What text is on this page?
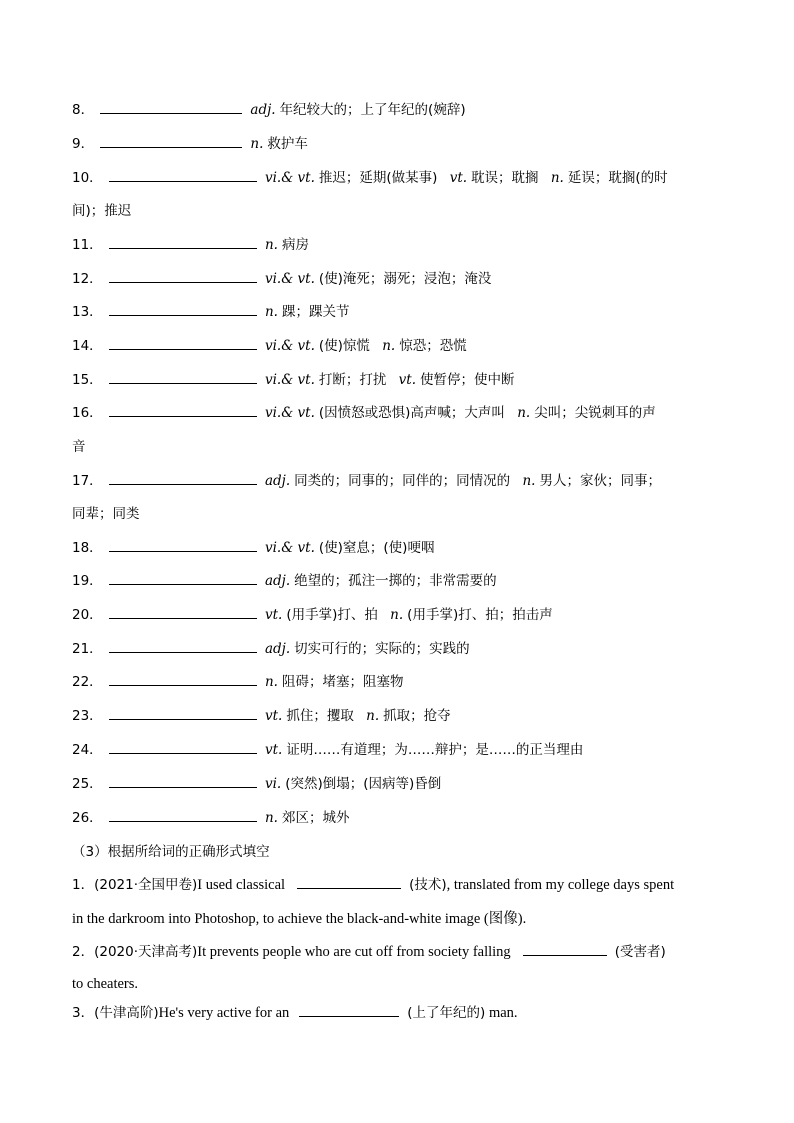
8．	adj. 年纪较大的；上了年纪的(婉辞)
9．	n. 救护车
10．	vi.& vt. 推迟；延期(做某事) vt. 耽误；耽搁 n. 延误；耽搁(的时
间)；推迟
11．	n. 病房
12．	vi.& vt. (使)淹死；溺死；浸泡；淹没
13．	n. 踝；踝关节
14．	vi.& vt. (使)惊慌 n. 惊恐；恐慌
15．	vi.& vt. 打断；打扰 vt. 使暂停；使中断
16．	vi.& vt. (因愤怒或恐惧)高声喊；大声叫 n. 尖叫；尖锐刺耳的声
音
17．	adj. 同类的；同事的；同伴的；同情况的 n. 男人；家伙；同事；
同辈；同类
18．	vi.& vt. (使)窒息；(使)哽咽
19．	adj. 绝望的；孤注一掷的；非常需要的
20．	vt. (用手掌)打、拍 n. (用手掌)打、拍；拍击声
21．	adj. 切实可行的；实际的；实践的
22．	n. 阻碍；堵塞；阻塞物
23．	vt. 抓住；攫取 n. 抓取；抢夺
24．	vt. 证明……有道理；为……辩护；是……的正当理由
25．	vi. (突然)倒塌；(因病等)昏倒
26．	n. 郊区；城外
（3）根据所给词的正确形式填空
1．(2021·全国甲卷)I used classical	(技术), translated from my college days spent
in the darkroom into Photoshop, to achieve the black-and-white image (图像).
2．(2020·天津高考)It prevents people who are cut off from society falling	(受害者)
to cheaters.
3．(牛津高阶)He's very active for an	(上了年纪的) man.
